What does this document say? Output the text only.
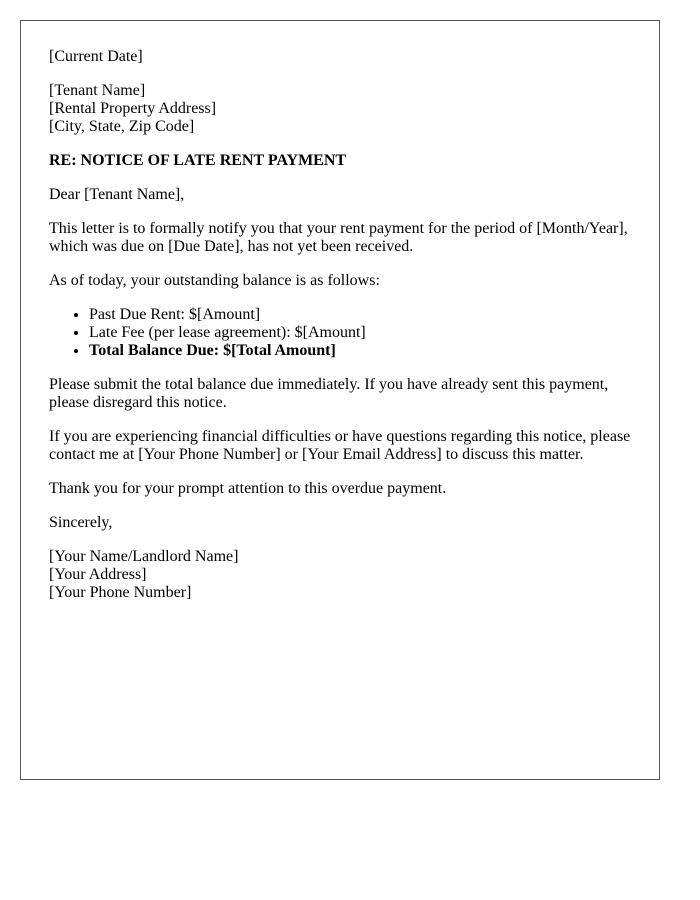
[Current Date]

[Tenant Name]
[Rental Property Address]
[City, State, Zip Code]

RE: NOTICE OF LATE RENT PAYMENT

Dear [Tenant Name],

This letter is to formally notify you that your rent payment for the period of [Month/Year], which was due on [Due Date], has not yet been received.

As of today, your outstanding balance is as follows:

• Past Due Rent: $[Amount]
• Late Fee (per lease agreement): $[Amount]
• Total Balance Due: $[Total Amount]

Please submit the total balance due immediately. If you have already sent this payment, please disregard this notice.

If you are experiencing financial difficulties or have questions regarding this notice, please contact me at [Your Phone Number] or [Your Email Address] to discuss this matter.

Thank you for your prompt attention to this overdue payment.

Sincerely,

[Your Name/Landlord Name]
[Your Address]
[Your Phone Number]
